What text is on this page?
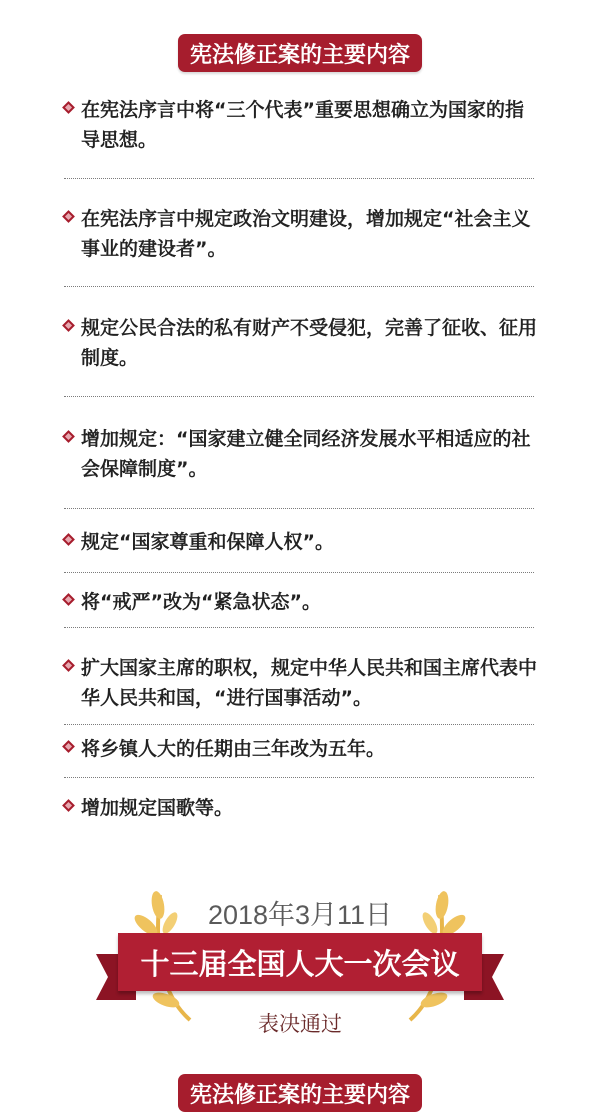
宪法修正案的主要内容
在宪法序言中将“三个代表”重要思想确立为国家的指导思想。
在宪法序言中规定政治文明建设，增加规定“社会主义事业的建设者”。
规定公民合法的私有财产不受侵犯，完善了征收、征用制度。
增加规定：“国家建立健全同经济发展水平相适应的社会保障制度”。
规定“国家尊重和保障人权”。
将“戒严”改为“紧急状态”。
扩大国家主席的职权，规定中华人民共和国主席代表中华人民共和国，“进行国事活动”。
将乡镇人大的任期由三年改为五年。
增加规定国歌等。
2018年3月11日
十三届全国人大一次会议
表决通过
宪法修正案的主要内容
